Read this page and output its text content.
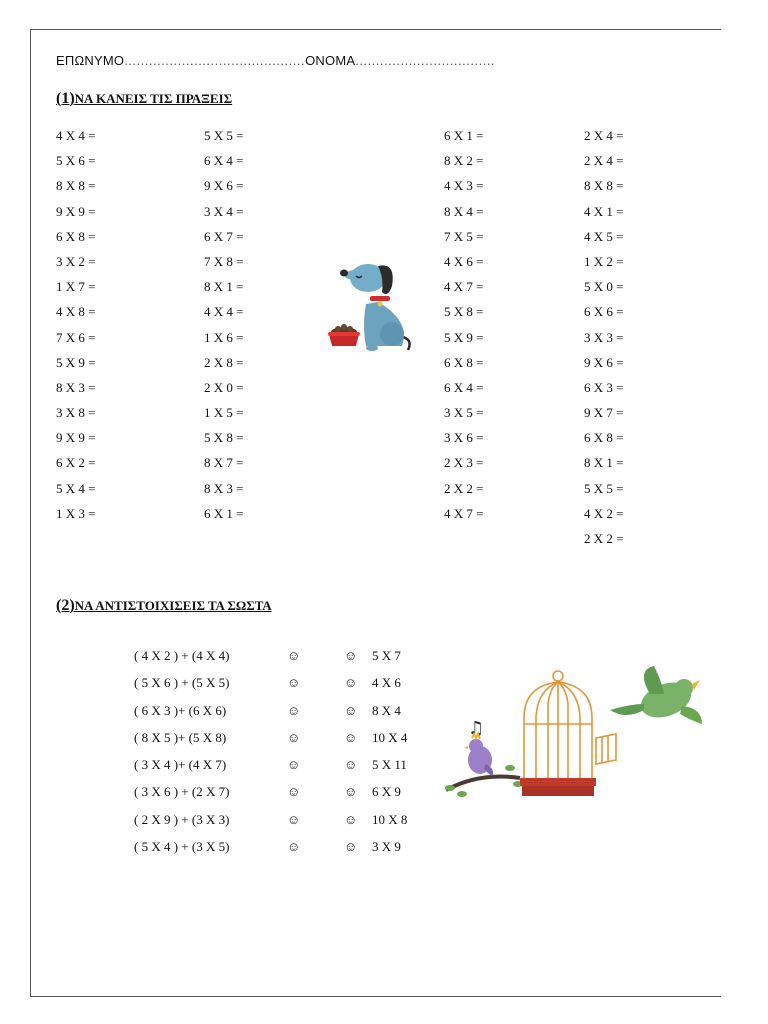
ΕΠΩΝΥΜΟ............................................ΟΝΟΜΑ..................................
(1)ΝΑ ΚΑΝΕΙΣ ΤΙΣ ΠΡΑΞΕΙΣ
4 Χ 4 =
5 Χ 6 =
8 Χ 8 =
9 Χ 9 =
6 Χ 8 =
3 Χ 2 =
1 Χ 7 =
4 Χ 8 =
7 Χ 6 =
5 Χ 9 =
8 Χ 3 =
3 Χ 8 =
9 Χ 9 =
6 Χ 2 =
5 Χ 4 =
1 Χ 3 =
5 Χ 5 =
6 Χ 4 =
9 Χ 6 =
3 Χ 4 =
6 Χ 7 =
7 Χ 8 =
8 Χ 1 =
4 Χ 4 =
1 Χ 6 =
2 Χ 8 =
2 Χ 0 =
1 Χ 5 =
5 Χ 8 =
8 Χ 7 =
8 Χ 3 =
6 Χ 1 =
6 Χ 1 =
8 Χ 2 =
4 Χ 3 =
8 Χ 4 =
7 Χ 5 =
4 Χ 6 =
4 Χ 7 =
5 Χ 8 =
5 Χ 9 =
6 Χ 8 =
6 Χ 4 =
3 Χ 5 =
3 Χ 6 =
2 Χ 3 =
2 Χ 2 =
4 Χ 7 =
2 Χ 4 =
2 Χ 4 =
8 Χ 8 =
4 Χ 1 =
4 Χ 5 =
1 Χ 2 =
5 Χ 0 =
6 Χ 6 =
3 Χ 3 =
9 Χ 6 =
6 Χ 3 =
9 Χ 7 =
6 Χ 8 =
8 Χ 1 =
5 Χ 5 =
4 Χ 2 =
2 Χ 2 =
(2)ΝΑ ΑΝΤΙΣΤΟΙΧΙΣΕΙΣ ΤΑ ΣΩΣΤΑ
( 4 Χ 2 ) + (4 Χ 4)	☺	☺ 5 Χ 7
( 5 Χ 6 ) + (5 Χ 5)	☺	☺ 4 Χ 6
( 6 Χ 3 )+ (6 Χ 6)	☺	☺ 8 Χ 4
( 8 Χ 5 )+ (5 Χ 8)	☺	☺ 10 Χ 4
( 3 Χ 4 )+ (4 Χ 7)	☺	☺ 5 Χ 11
( 3 Χ 6 ) + (2 Χ 7)	☺	☺ 6 Χ 9
( 2 Χ 9 ) + (3 Χ 3)	☺	☺ 10 Χ 8
( 5 Χ 4 ) + (3 Χ 5)	☺	☺ 3 Χ 9
♫
